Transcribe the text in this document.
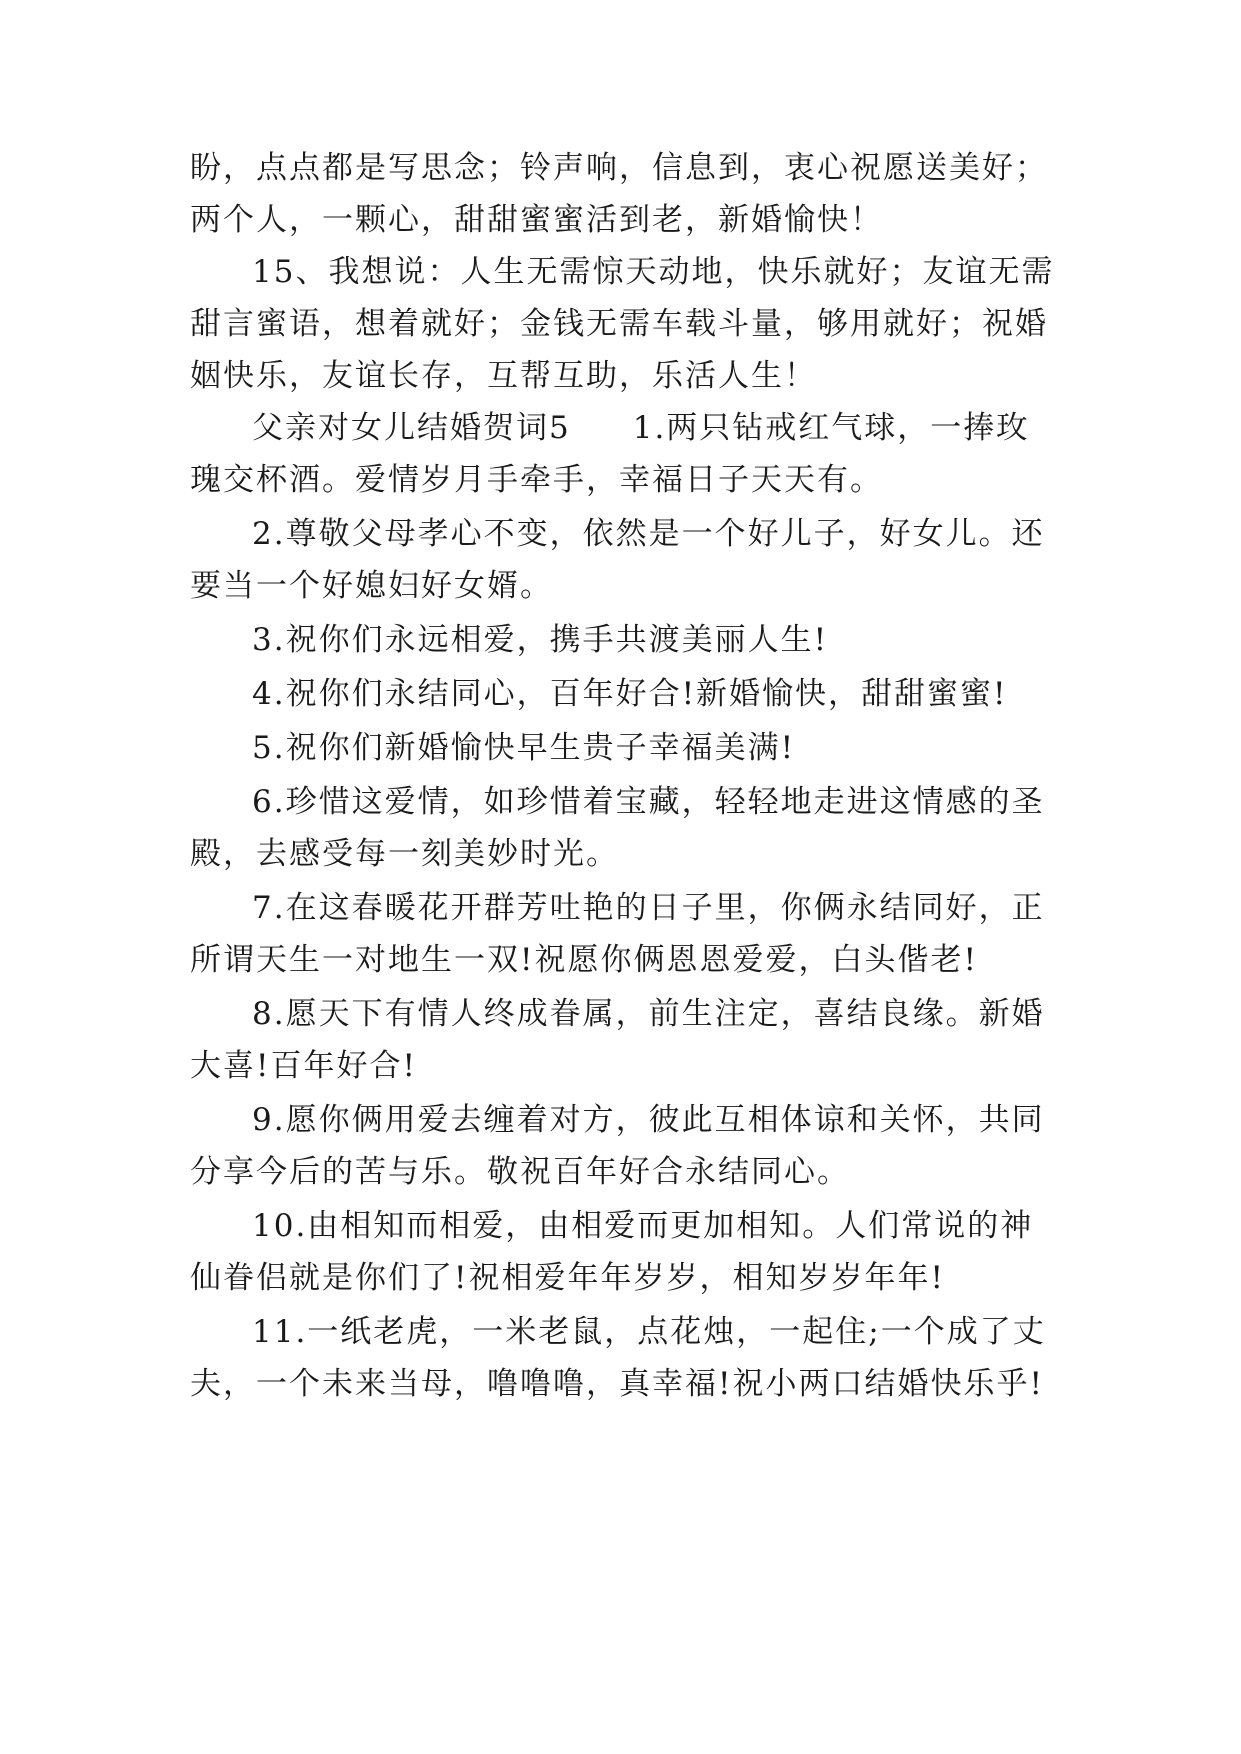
盼，点点都是写思念；铃声响，信息到，衷心祝愿送美好；
两个人，一颗心，甜甜蜜蜜活到老，新婚愉快！
15、我想说：人生无需惊天动地，快乐就好；友谊无需
甜言蜜语，想着就好；金钱无需车载斗量，够用就好；祝婚
姻快乐，友谊长存，互帮互助，乐活人生！
父亲对女儿结婚贺词5 1.两只钻戒红气球，一捧玫
瑰交杯酒。爱情岁月手牵手，幸福日子天天有。
2.尊敬父母孝心不变，依然是一个好儿子，好女儿。还
要当一个好媳妇好女婿。
3.祝你们永远相爱，携手共渡美丽人生!
4.祝你们永结同心，百年好合!新婚愉快，甜甜蜜蜜!
5.祝你们新婚愉快早生贵子幸福美满!
6.珍惜这爱情，如珍惜着宝藏，轻轻地走进这情感的圣
殿，去感受每一刻美妙时光。
7.在这春暖花开群芳吐艳的日子里，你俩永结同好，正
所谓天生一对地生一双!祝愿你俩恩恩爱爱，白头偕老!
8.愿天下有情人终成眷属，前生注定，喜结良缘。新婚
大喜!百年好合!
9.愿你俩用爱去缠着对方，彼此互相体谅和关怀，共同
分享今后的苦与乐。敬祝百年好合永结同心。
10.由相知而相爱，由相爱而更加相知。人们常说的神
仙眷侣就是你们了!祝相爱年年岁岁，相知岁岁年年!
11.一纸老虎，一米老鼠，点花烛，一起住;一个成了丈
夫，一个未来当母，噜噜噜，真幸福!祝小两口结婚快乐乎!
